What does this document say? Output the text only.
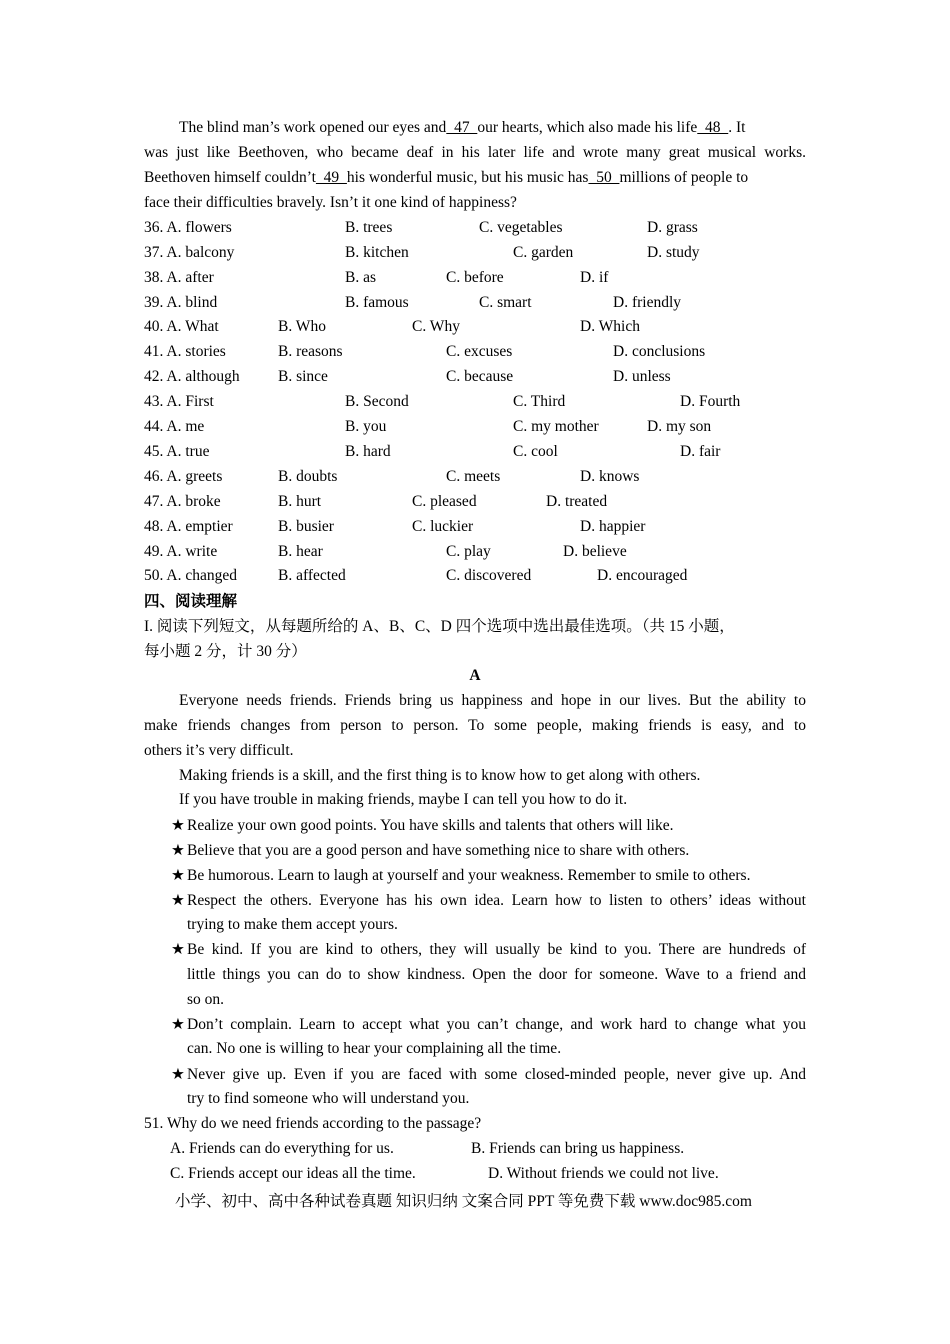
The blind man’s work opened our eyes and  47  our hearts, which also made his life  48  . It
was just like Beethoven, who became deaf in his later life and wrote many great musical works.
Beethoven himself couldn’t  49  his wonderful music, but his music has  50  millions of people to
face their difficulties bravely. Isn’t it one kind of happiness?
36. A. flowers	B. trees	C. vegetables	D. grass
37. A. balcony	B. kitchen	C. garden	D. study
38. A. after	B. as	C. before	D. if
39. A. blind	B. famous	C. smart	D. friendly
40. A. What	B. Who	C. Why	D. Which
41. A. stories	B. reasons	C. excuses	D. conclusions
42. A. although B. since	C. because	D. unless
43. A. First	B. Second	C. Third	D. Fourth
44. A. me	B. you	C. my mother	D. my son
45. A. true	B. hard	C. cool	D. fair
46. A. greets	B. doubts	C. meets	D. knows
47. A. broke	B. hurt	C. pleased	D. treated
48. A. emptier	B. busier	C. luckier	D. happier
49. A. write	B. hear	C. play	D. believe
50. A. changed	B. affected	C. discovered	D. encouraged
四、阅读理解
I. 阅读下列短文，从每题所给的 A、B、C、D 四个选项中选出最佳选项。（共 15 小题，
每小题 2 分，计 30 分）
A
Everyone needs friends. Friends bring us happiness and hope in our lives. But the ability to
make friends changes from person to person. To some people, making friends is easy, and to
others it’s very difficult.
Making friends is a skill, and the first thing is to know how to get along with others.
If you have trouble in making friends, maybe I can tell you how to do it.
★ Realize your own good points. You have skills and talents that others will like.
★ Believe that you are a good person and have something nice to share with others.
★ Be humorous. Learn to laugh at yourself and your weakness. Remember to smile to others.
★ Respect the others. Everyone has his own idea. Learn how to listen to others’ ideas without
trying to make them accept yours.
★ Be kind. If you are kind to others, they will usually be kind to you. There are hundreds of
little things you can do to show kindness. Open the door for someone. Wave to a friend and
so on.
★ Don’t complain. Learn to accept what you can’t change, and work hard to change what you
can. No one is willing to hear your complaining all the time.
★ Never give up. Even if you are faced with some closed-minded people, never give up. And
try to find someone who will understand you.
51. Why do we need friends according to the passage?
A. Friends can do everything for us.	B. Friends can bring us happiness.
C. Friends accept our ideas all the time.	D. Without friends we could not live.
小学、初中、高中各种试卷真题 知识归纳 文案合同 PPT 等免费下载 www.doc985.com
